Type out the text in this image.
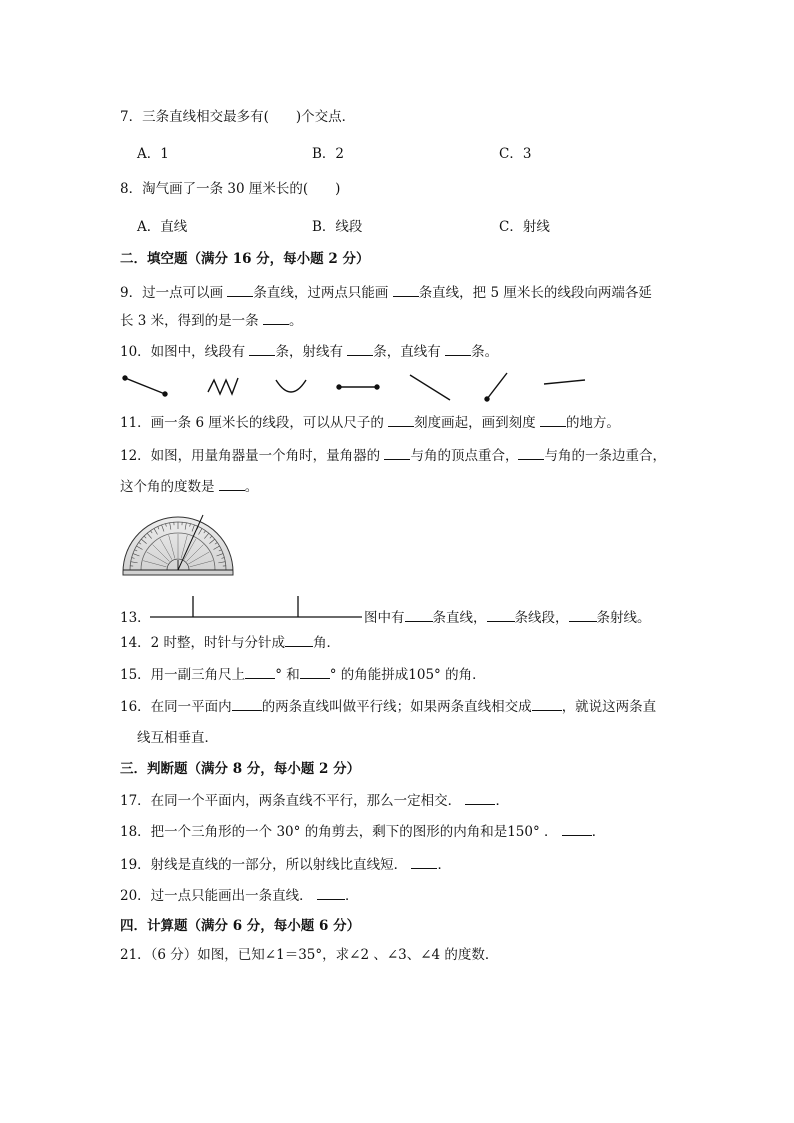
7．三条直线相交最多有(　　)个交点．
A．1	B．2	C．3
8．淘气画了一条 30 厘米长的(　　)
A．直线	B．线段	C．射线
二．填空题（满分 16 分，每小题 2 分）
9．过一点可以画 条直线，过两点只能画 条直线，把 5 厘米长的线段向两端各延
长 3 米，得到的是一条 。
10．如图中，线段有 条，射线有 条，直线有 条。
11．画一条 6 厘米长的线段，可以从尺子的 刻度画起，画到刻度 的地方。
12．如图，用量角器量一个角时，量角器的 与角的顶点重合， 与角的一条边重合，
这个角的度数是 。
13．	图中有 条直线， 条线段， 条射线。
14．2 时整，时针与分针成 角．
15．用一副三角尺上 ° 和 ° 的角能拼成105° 的角．
16．在同一平面内 的两条直线叫做平行线；如果两条直线相交成 ，就说这两条直
线互相垂直．
三．判断题（满分 8 分，每小题 2 分）
17．在同一个平面内，两条直线不平行，那么一定相交．	．
18．把一个三角形的一个 30° 的角剪去，剩下的图形的内角和是150° ．	．
19．射线是直线的一部分，所以射线比直线短． ．
20．过一点只能画出一条直线． ．
四．计算题（满分 6 分，每小题 6 分）
21．（6 分）如图，已知∠1＝35°，求∠2 、∠3、∠4 的度数．
